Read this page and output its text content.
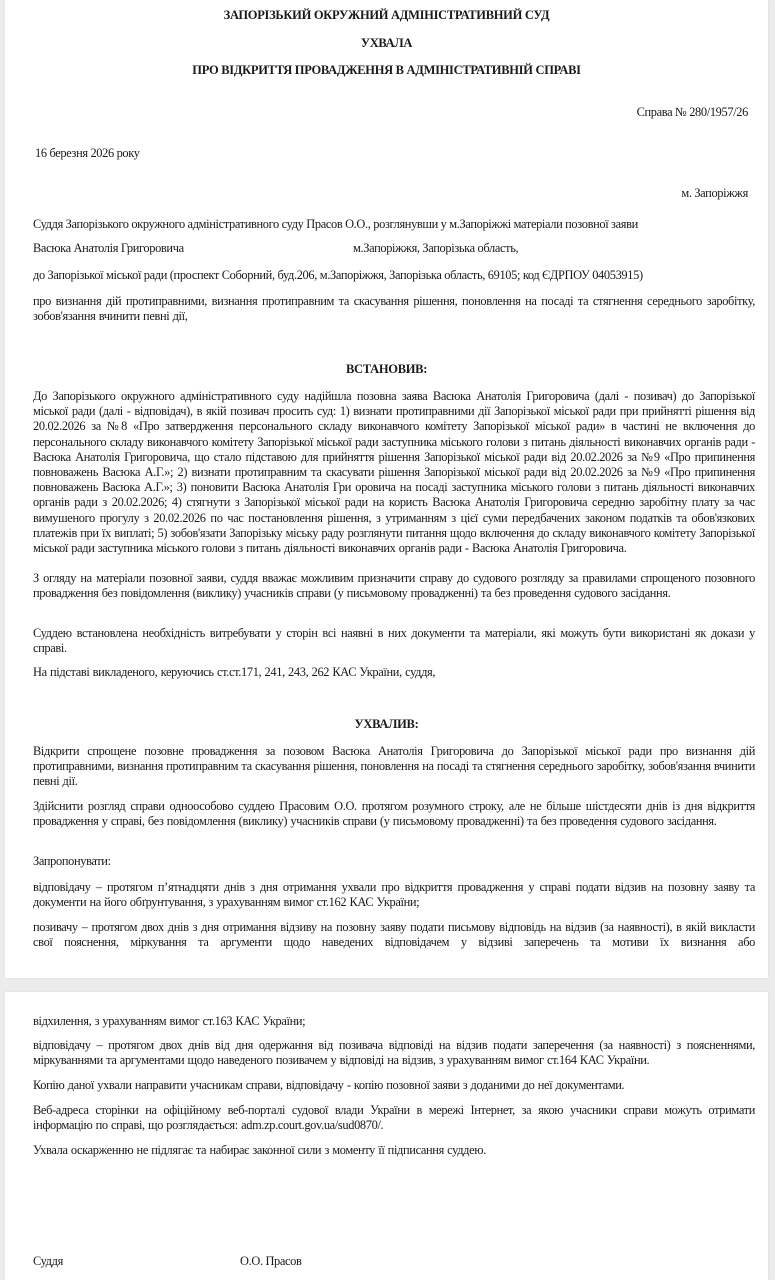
ЗАПОРІЗЬКИЙ ОКРУЖНИЙ АДМІНІСТРАТИВНИЙ СУД
УХВАЛА
ПРО ВІДКРИТТЯ ПРОВАДЖЕННЯ В АДМІНІСТРАТИВНІЙ СПРАВІ
Справа № 280/1957/26
16 березня 2026 року
м. Запоріжжя
Суддя Запорізького окружного адміністративного суду Прасов О.О., розглянувши у м.Запоріжжі матеріали позовної заяви
Васюка Анатолія Григоровича	м.Запоріжжя, Запорізька область,
до Запорізької міської ради (проспект Соборний, буд.206, м.Запоріжжя, Запорізька область, 69105; код ЄДРПОУ 04053915)

про визнання дій протиправними, визнання протиправним та скасування рішення, поновлення на посаді та стягнення середнього заробітку, зобов'язання вчинити певні дії,

ВСТАНОВИВ:

До Запорізького окружного адміністративного суду надійшла позовна заява Васюка Анатолія Григоровича (далі - позивач) до Запорізької міської ради (далі - відповідач), в якій позивач просить суд: 1) визнати протиправними дії Запорізької міської ради при прийнятті рішення від 20.02.2026 за №8 «Про затвердження персонального складу виконавчого комітету Запорізької міської ради» в частині не включення до персонального складу виконавчого комітету Запорізької міської ради заступника міського голови з питань діяльності виконавчих органів ради - Васюка Анатолія Григоровича, що стало підставою для прийняття рішення Запорізької міської ради від 20.02.2026 за №9 «Про припинення повноважень Васюка А.Г.»; 2) визнати протиправним та скасувати рішення Запорізької міської ради від 20.02.2026 за №9 «Про припинення повноважень Васюка А.Г.»; 3) поновити Васюка Анатолія Гри оровича на посаді заступника міського голови з питань діяльності виконавчих органів ради з 20.02.2026; 4) стягнути з Запорізької міської ради на користь Васюка Анатолія Григоровича середню заробітну плату за час вимушеного прогулу з 20.02.2026 по час постановлення рішення, з утриманням з цієї суми передбачених законом податків та обов'язкових платежів при їх виплаті; 5) зобов'язати Запорізьку міську раду розглянути питання щодо включення до складу виконавчого комітету Запорізької міської ради заступника міського голови з питань діяльності виконавчих органів ради - Васюка Анатолія Григоровича.

З огляду на матеріали позовної заяви, суддя вважає можливим призначити справу до судового розгляду за правилами спрощеного позовного провадження без повідомлення (виклику) учасників справи (у письмовому провадженні) та без проведення судового засідання.

Суддею встановлена необхідність витребувати у сторін всі наявні в них документи та матеріали, які можуть бути використані як докази у справі.

На підставі викладеного, керуючись ст.ст.171, 241, 243, 262 КАС України, суддя,

УХВАЛИВ:

Відкрити спрощене позовне провадження за позовом Васюка Анатолія Григоровича до Запорізької міської ради про визнання дій протиправними, визнання протиправним та скасування рішення, поновлення на посаді та стягнення середнього заробітку, зобов'язання вчинити певні дії.

Здійснити розгляд справи одноособово суддею Прасовим О.О. протягом розумного строку, але не більше шістдесяти днів із дня відкриття провадження у справі, без повідомлення (виклику) учасників справи (у письмовому провадженні) та без проведення судового засідання.

Запропонувати:

відповідачу – протягом п’ятнадцяти днів з дня отримання ухвали про відкриття провадження у справі подати відзив на позовну заяву та документи на його обґрунтування, з урахуванням вимог ст.162 КАС України;

позивачу – протягом двох днів з дня отримання відзиву на позовну заяву подати письмову відповідь на відзив (за наявності), в якій викласти свої пояснення, міркування та аргументи щодо наведених відповідачем у відзиві заперечень та мотиви їх визнання або

відхилення, з урахуванням вимог ст.163 КАС України;

відповідачу – протягом двох днів від дня одержання від позивача відповіді на відзив подати заперечення (за наявності) з поясненнями, міркуваннями та аргументами щодо наведеного позивачем у відповіді на відзив, з урахуванням вимог ст.164 КАС України.

Копію даної ухвали направити учасникам справи, відповідачу - копію позовної заяви з доданими до неї документами.

Веб-адреса сторінки на офіційному веб-порталі судової влади України в мережі Інтернет, за якою учасники справи можуть отримати інформацію по справі, що розглядається: adm.zp.court.gov.ua/sud0870/.

Ухвала оскарженню не підлягає та набирає законної сили з моменту її підписання суддею.

Суддя	О.О. Прасов
